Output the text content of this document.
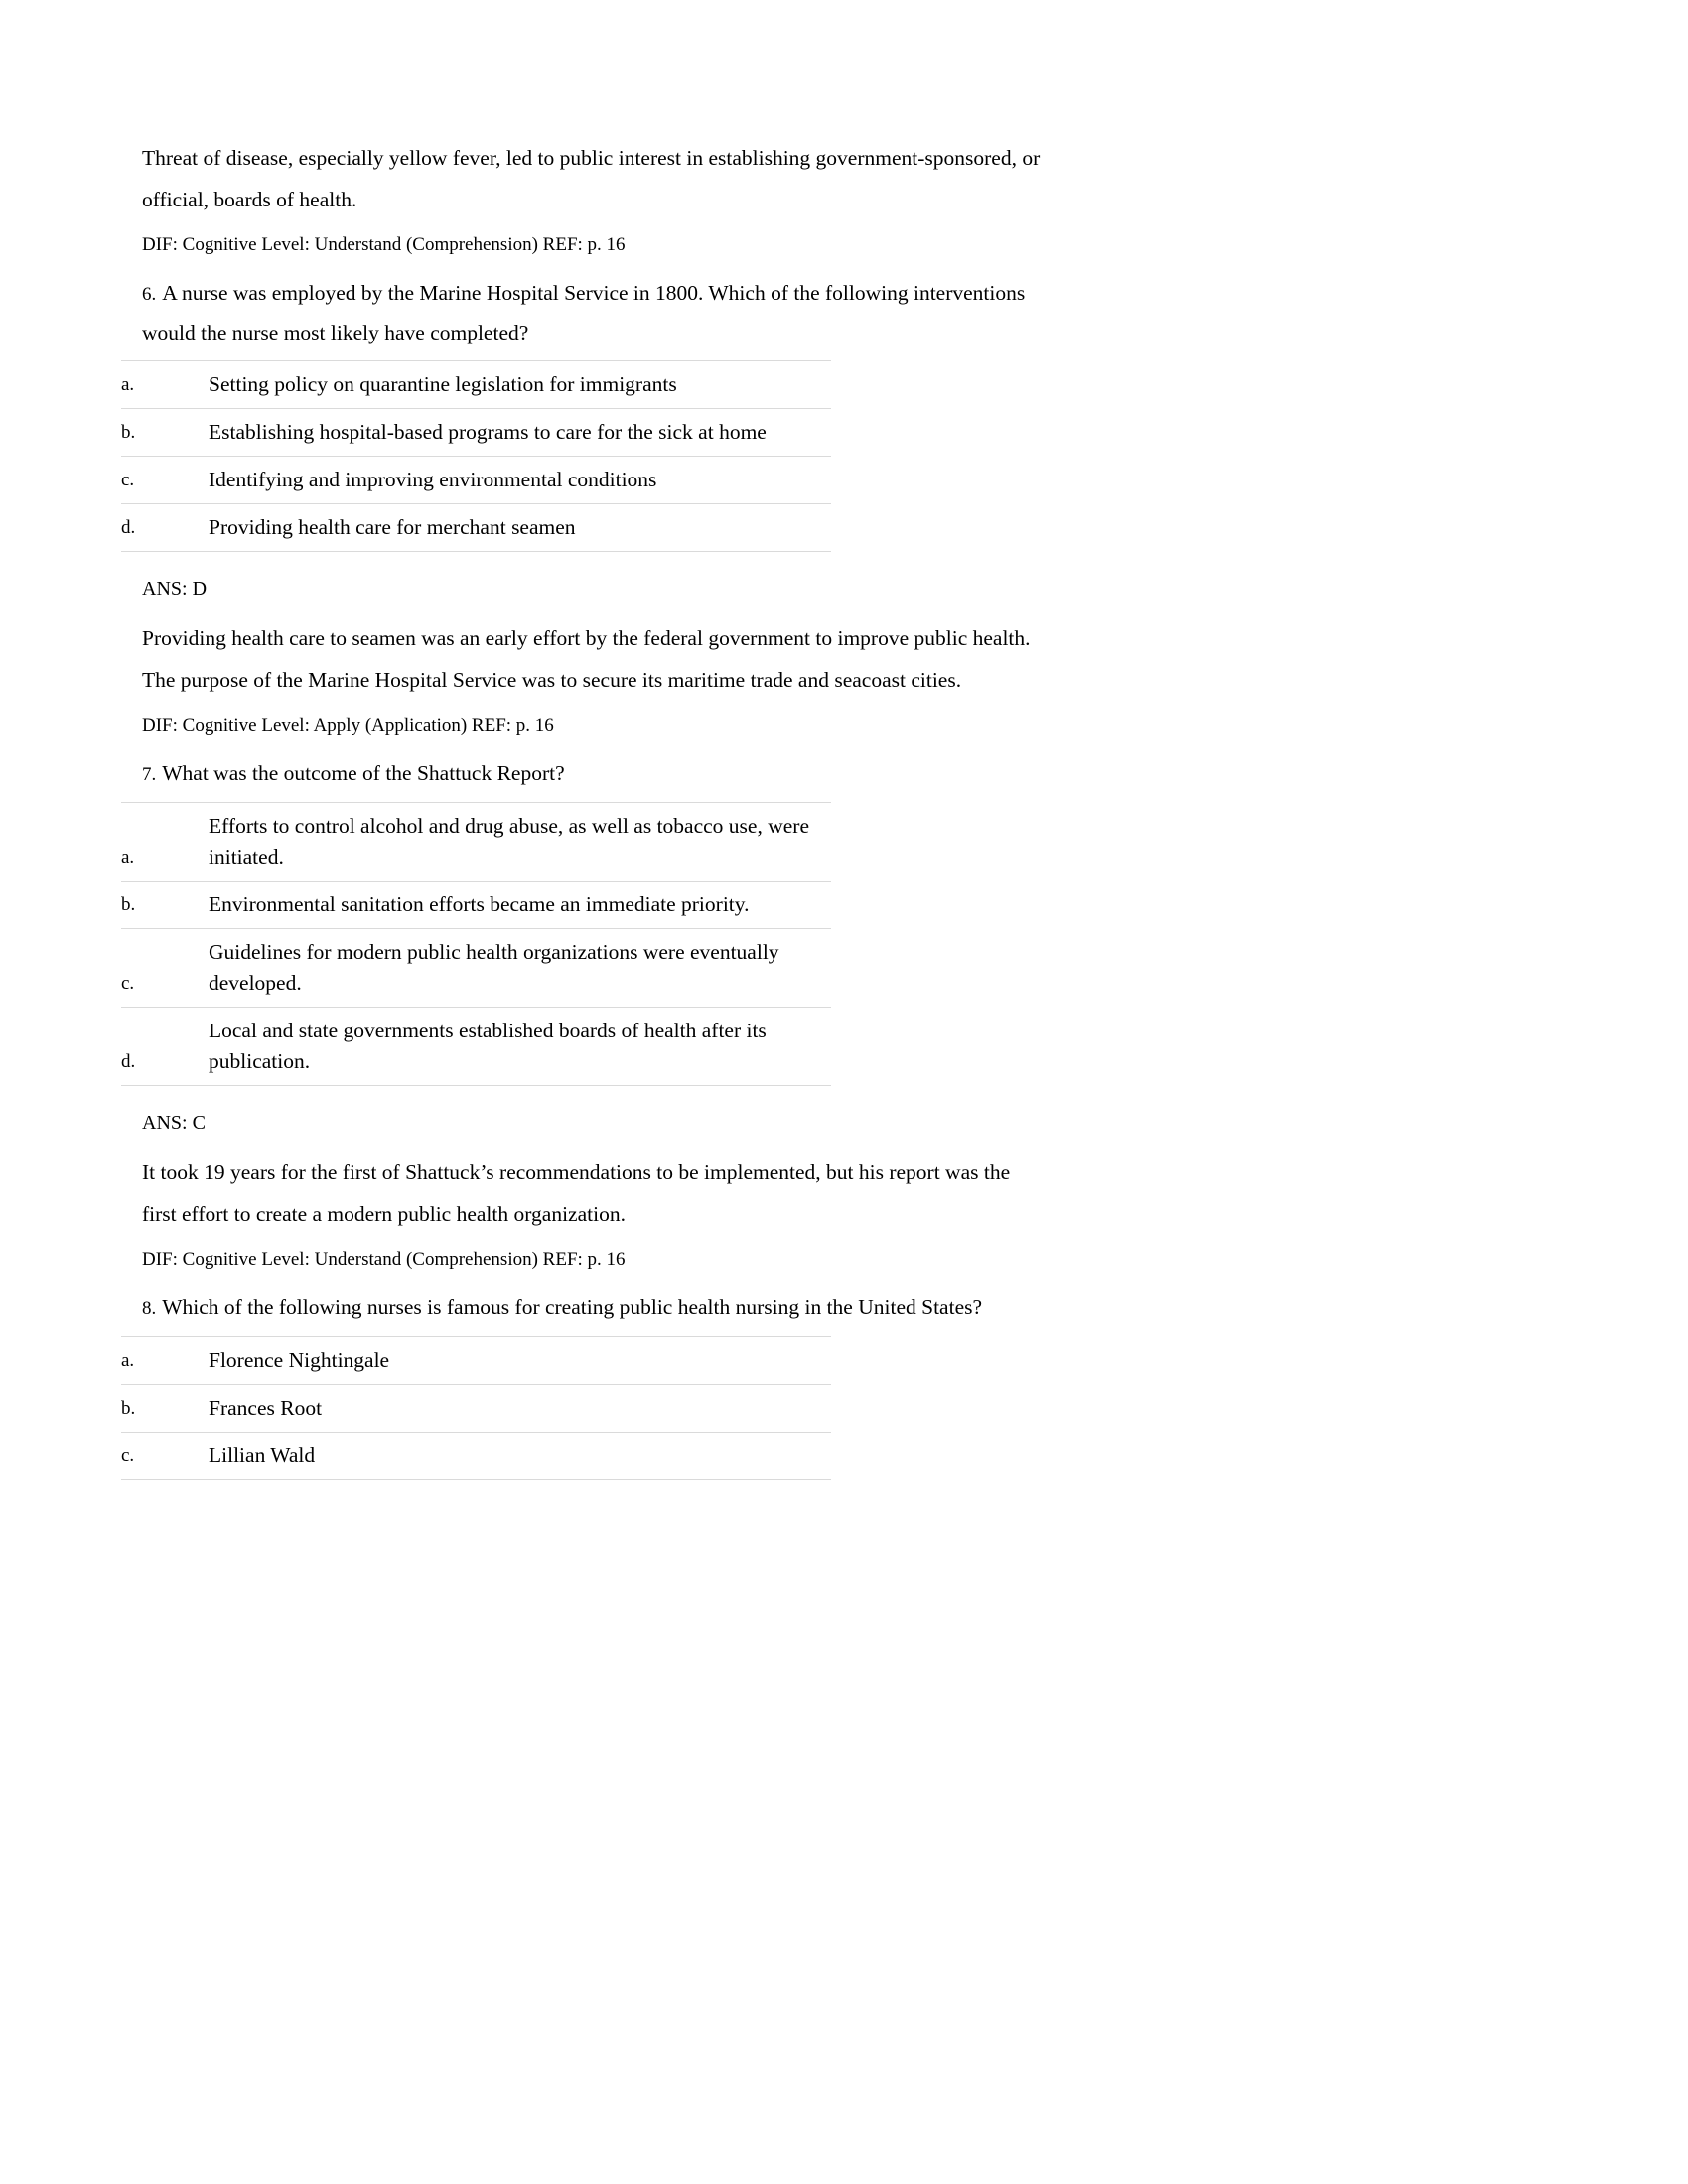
Threat of disease, especially yellow fever, led to public interest in establishing government-sponsored, or official, boards of health.

DIF: Cognitive Level: Understand (Comprehension) REF: p. 16

6. A nurse was employed by the Marine Hospital Service in 1800. Which of the following interventions would the nurse most likely have completed?

a.	Setting policy on quarantine legislation for immigrants
b.	Establishing hospital-based programs to care for the sick at home
c.	Identifying and improving environmental conditions
d.	Providing health care for merchant seamen

ANS: D

Providing health care to seamen was an early effort by the federal government to improve public health. The purpose of the Marine Hospital Service was to secure its maritime trade and seacoast cities.

DIF: Cognitive Level: Apply (Application) REF: p. 16

7. What was the outcome of the Shattuck Report?

a.	Efforts to control alcohol and drug abuse, as well as tobacco use, were initiated.
b.	Environmental sanitation efforts became an immediate priority.
c.	Guidelines for modern public health organizations were eventually developed.
d.	Local and state governments established boards of health after its publication.

ANS: C

It took 19 years for the first of Shattuck’s recommendations to be implemented, but his report was the first effort to create a modern public health organization.

DIF: Cognitive Level: Understand (Comprehension) REF: p. 16

8. Which of the following nurses is famous for creating public health nursing in the United States?

a.	Florence Nightingale
b.	Frances Root
c.	Lillian Wald
